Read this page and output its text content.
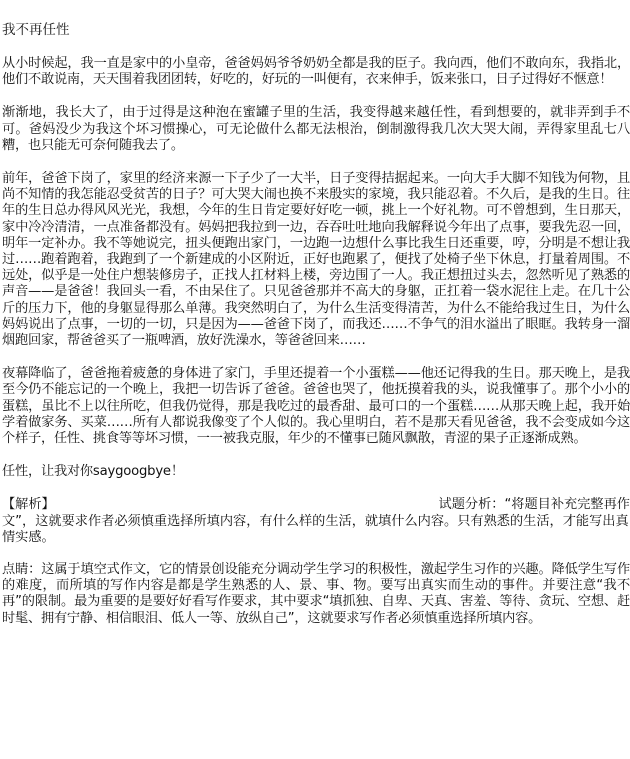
我不再任性

从小时候起，我一直是家中的小皇帝，爸爸妈妈爷爷奶奶全都是我的臣子。我向西，他们不敢向东，我指北，他们不敢说南，天天围着我团团转，好吃的，好玩的一叫便有，衣来伸手，饭来张口，日子过得好不惬意！

渐渐地，我长大了，由于过得是这种泡在蜜罐子里的生活，我变得越来越任性，看到想要的，就非弄到手不可。爸妈没少为我这个坏习惯操心，可无论做什么都无法根治，倒制激得我几次大哭大闹，弄得家里乱七八糟，也只能无可奈何随我去了。

前年，爸爸下岗了，家里的经济来源一下子少了一大半，日子变得拮据起来。一向大手大脚不知钱为何物，且尚不知情的我怎能忍受贫苦的日子？可大哭大闹也换不来殷实的家境，我只能忍着。不久后，是我的生日。往年的生日总办得风风光光，我想，今年的生日肯定要好好吃一顿，挑上一个好礼物。可不曾想到，生日那天，家中冷冷清清，一点准备都没有。妈妈把我拉到一边，吞吞吐吐地向我解释说今年出了点事，要我先忍一回，明年一定补办。我不等她说完，扭头便跑出家门，一边跑一边想什么事比我生日还重要，哼，分明是不想让我过……跑着跑着，我跑到了一个新建成的小区附近，正好也跑累了，便找了处椅子坐下休息，打量着周围。不远处，似乎是一处住户想装修房子，正找人扛材料上楼，旁边围了一人。我正想扭过头去，忽然听见了熟悉的声音——是爸爸！我回头一看，不由呆住了。只见爸爸那并不高大的身躯，正扛着一袋水泥往上走。在几十公斤的压力下，他的身躯显得那么单薄。我突然明白了，为什么生活变得清苦，为什么不能给我过生日，为什么妈妈说出了点事，一切的一切，只是因为——爸爸下岗了，而我还……不争气的泪水溢出了眼眶。我转身一溜烟跑回家，帮爸爸买了一瓶啤酒，放好洗澡水，等爸爸回来……

夜幕降临了，爸爸拖着疲惫的身体进了家门，手里还提着一个小蛋糕——他还记得我的生日。那天晚上，是我至今仍不能忘记的一个晚上，我把一切告诉了爸爸。爸爸也哭了，他抚摸着我的头，说我懂事了。那个小小的蛋糕，虽比不上以往所吃，但我仍觉得，那是我吃过的最香甜、最可口的一个蛋糕……从那天晚上起，我开始学着做家务、买菜……所有人都说我像变了个人似的。我心里明白，若不是那天看见爸爸，我不会变成如今这个样子，任性、挑食等等坏习惯，一一被我克服，年少的不懂事已随风飘散，青涩的果子正逐渐成熟。

任性，让我对你saygoogbye！

【解析】	试题分析：“将题目补充完整再作
文”，这就要求作者必须慎重选择所填内容，有什么样的生活，就填什么内容。只有熟悉的生活，才能写出真情实感。

点睛：这属于填空式作文，它的情景创设能充分调动学生学习的积极性，激起学生习作的兴趣。降低学生写作的难度，而所填的写作内容是都是学生熟悉的人、景、事、物。要写出真实而生动的事件。并要注意“我不再”的限制。最为重要的是要好好看写作要求，其中要求“填抓独、自卑、天真、害羞、等待、贪玩、空想、赶时髦、拥有宁静、相信眼泪、低人一等、放纵自己”，这就要求写作者必须慎重选择所填内容。
